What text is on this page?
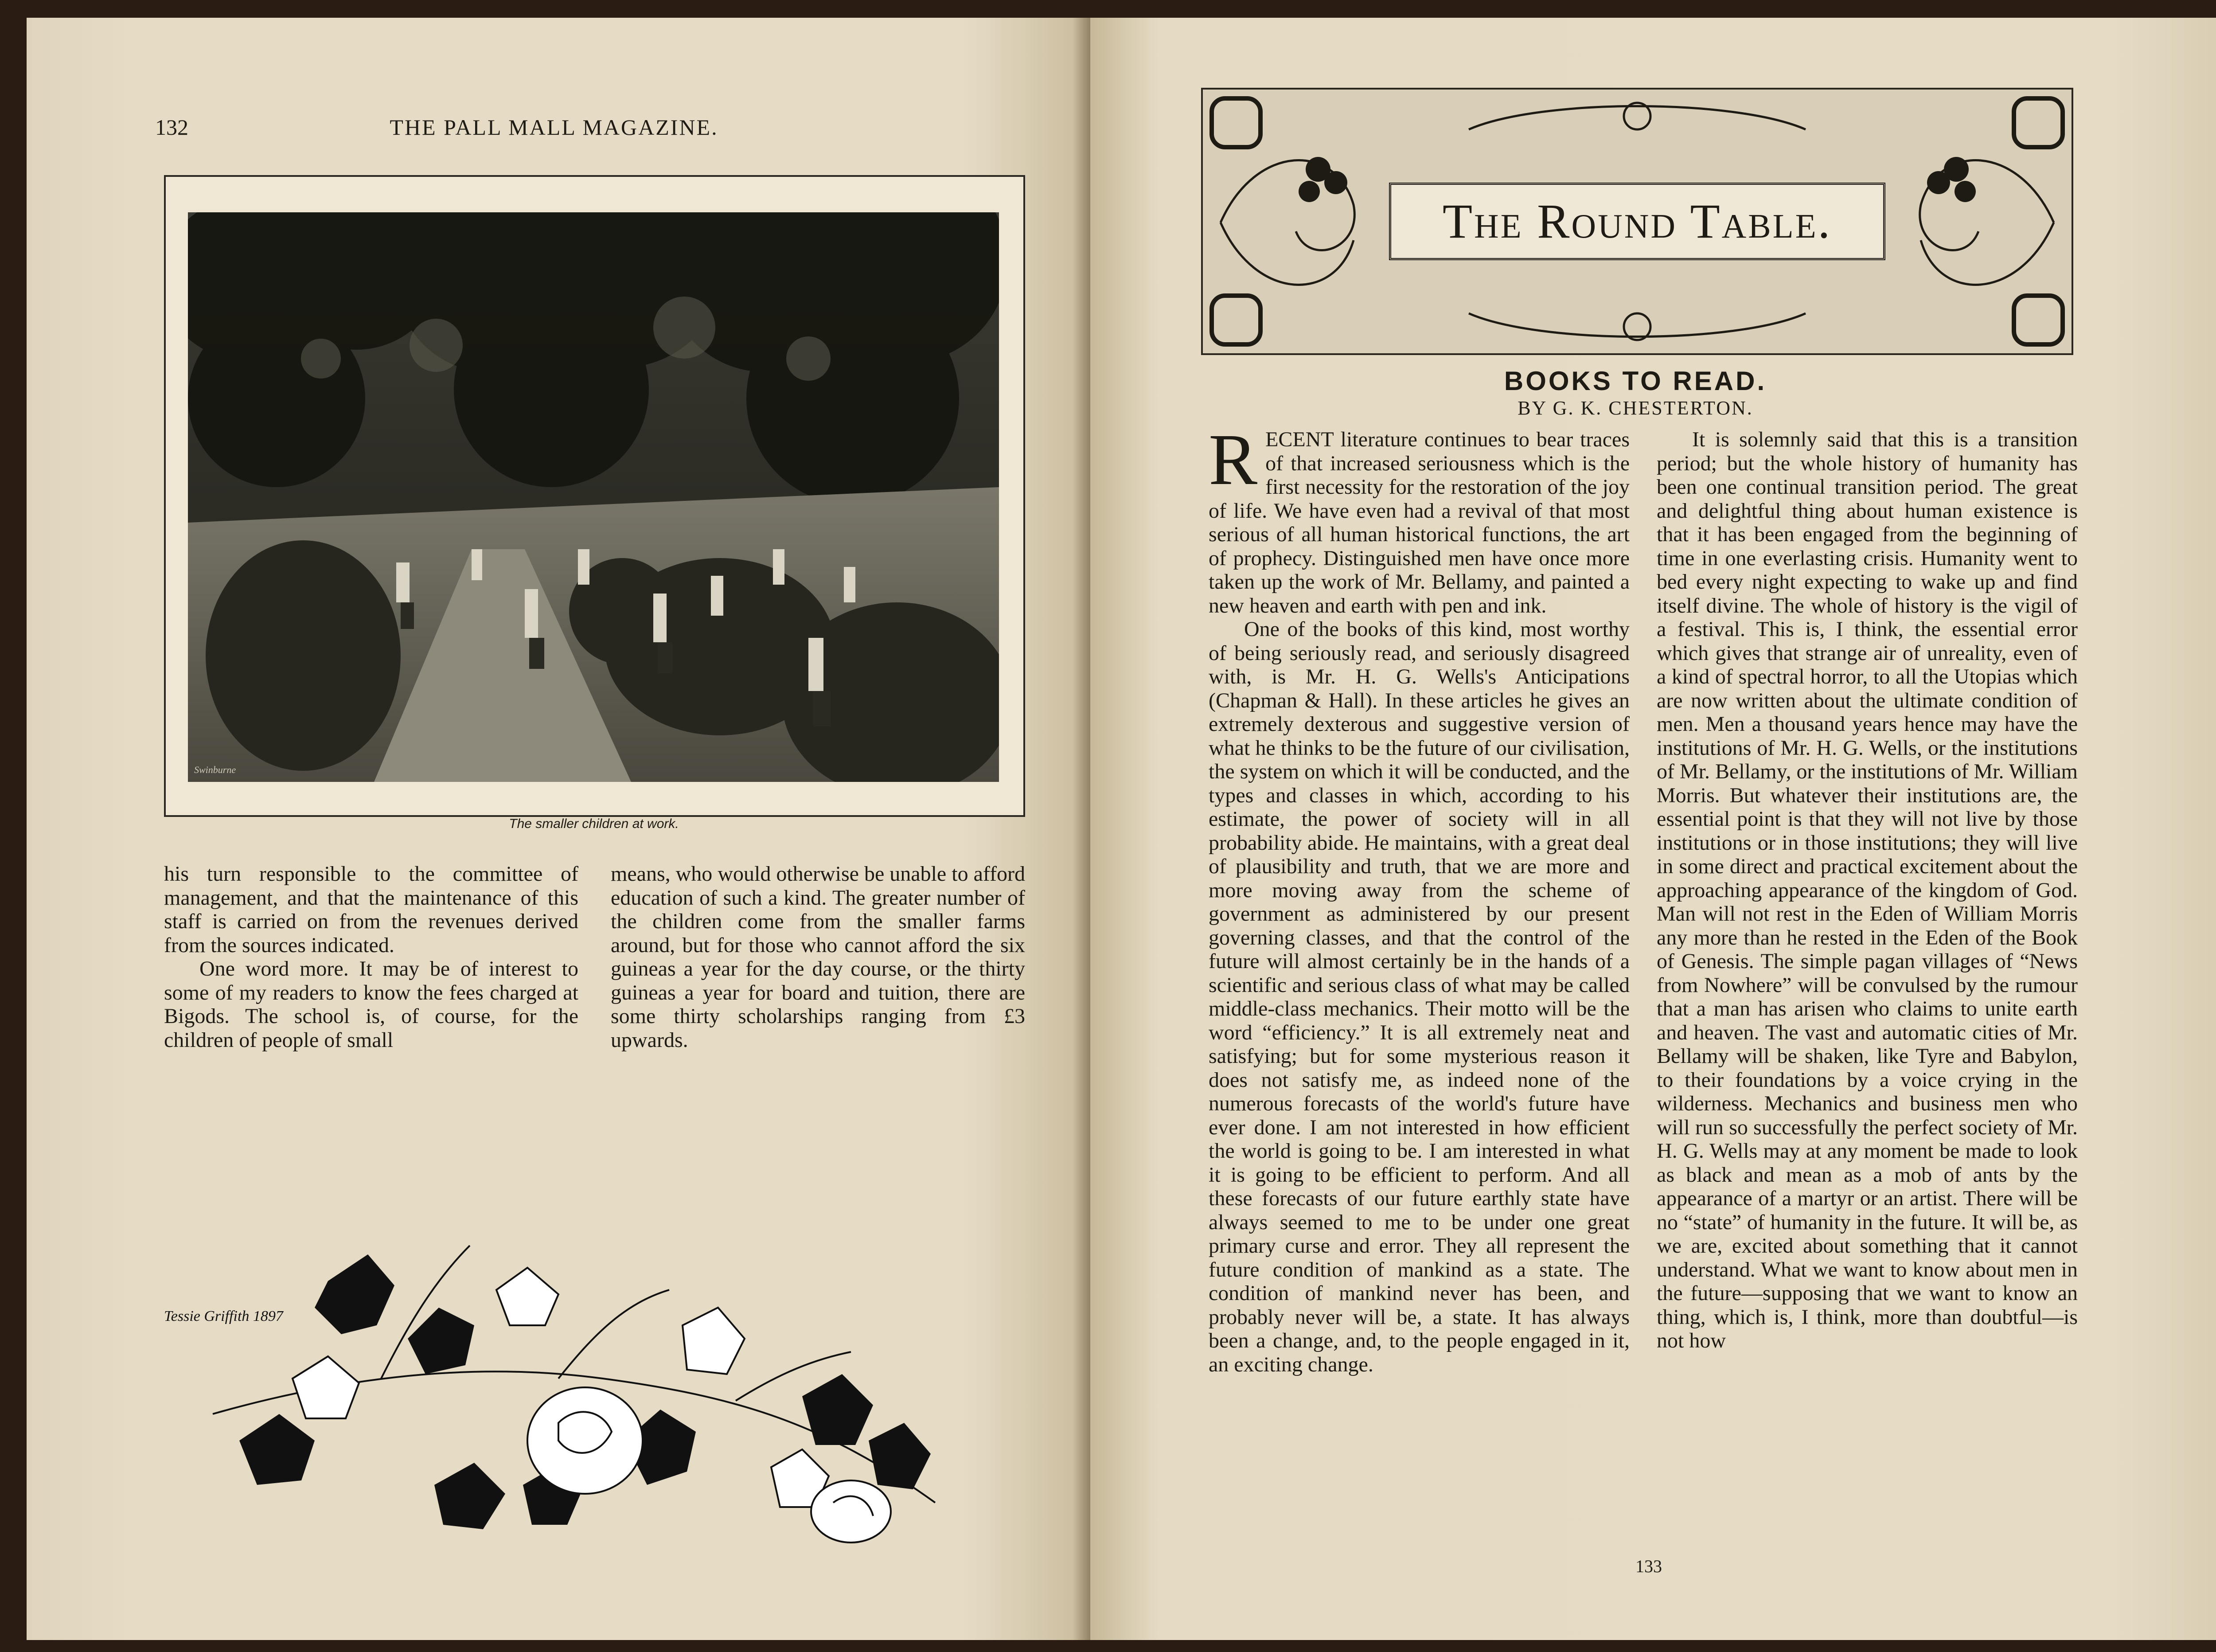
132	THE PALL MALL MAGAZINE.
Swinburne
The smaller children at work.

his turn responsible to the committee of management, and that the maintenance of this staff is carried on from the revenues derived from the sources indicated.

One word more. It may be of interest to some of my readers to know the fees charged at Bigods. The school is, of course, for the children of people of small

means, who would otherwise be unable to afford education of such a kind. The greater number of the children come from the smaller farms around, but for those who cannot afford the six guineas a year for the day course, or the thirty guineas a year for board and tuition, there are some thirty scholarships ranging from £3 upwards.

Tessie Griffith 1897
The Round Table.
BOOKS TO READ.
BY G. K. CHESTERTON.

RECENT literature continues to bear traces of that increased seriousness which is the first necessity for the restoration of the joy of life. We have even had a revival of that most serious of all human historical functions, the art of prophecy. Distinguished men have once more taken up the work of Mr. Bellamy, and painted a new heaven and earth with pen and ink.

One of the books of this kind, most worthy of being seriously read, and seriously disagreed with, is Mr. H. G. Wells's Anticipations (Chapman & Hall). In these articles he gives an extremely dexterous and suggestive version of what he thinks to be the future of our civilisation, the system on which it will be conducted, and the types and classes in which, according to his estimate, the power of society will in all probability abide. He maintains, with a great deal of plausibility and truth, that we are more and more moving away from the scheme of government as administered by our present governing classes, and that the control of the future will almost certainly be in the hands of a scientific and serious class of what may be called middle-class mechanics. Their motto will be the word “efficiency.” It is all extremely neat and satisfying; but for some mysterious reason it does not satisfy me, as indeed none of the numerous forecasts of the world's future have ever done. I am not interested in how efficient the world is going to be. I am interested in what it is going to be efficient to perform. And all these forecasts of our future earthly state have always seemed to me to be under one great primary curse and error. They all represent the future condition of mankind as a state. The condition of mankind never has been, and probably never will be, a state. It has always been a change, and, to the people engaged in it, an exciting change.

It is solemnly said that this is a transition period; but the whole history of humanity has been one continual transition period. The great and delightful thing about human existence is that it has been engaged from the beginning of time in one everlasting crisis. Humanity went to bed every night expecting to wake up and find itself divine. The whole of history is the vigil of a festival. This is, I think, the essential error which gives that strange air of unreality, even of a kind of spectral horror, to all the Utopias which are now written about the ultimate condition of men. Men a thousand years hence may have the institutions of Mr. H. G. Wells, or the institutions of Mr. Bellamy, or the institutions of Mr. William Morris. But whatever their institutions are, the essential point is that they will not live by those institutions or in those institutions; they will live in some direct and practical excitement about the approaching appearance of the kingdom of God. Man will not rest in the Eden of William Morris any more than he rested in the Eden of the Book of Genesis. The simple pagan villages of “News from Nowhere” will be convulsed by the rumour that a man has arisen who claims to unite earth and heaven. The vast and automatic cities of Mr. Bellamy will be shaken, like Tyre and Babylon, to their foundations by a voice crying in the wilderness. Mechanics and business men who will run so successfully the perfect society of Mr. H. G. Wells may at any moment be made to look as black and mean as a mob of ants by the appearance of a martyr or an artist. There will be no “state” of humanity in the future. It will be, as we are, excited about something that it cannot understand. What we want to know about men in the future—supposing that we want to know an thing, which is, I think, more than doubtful—is not how

133
